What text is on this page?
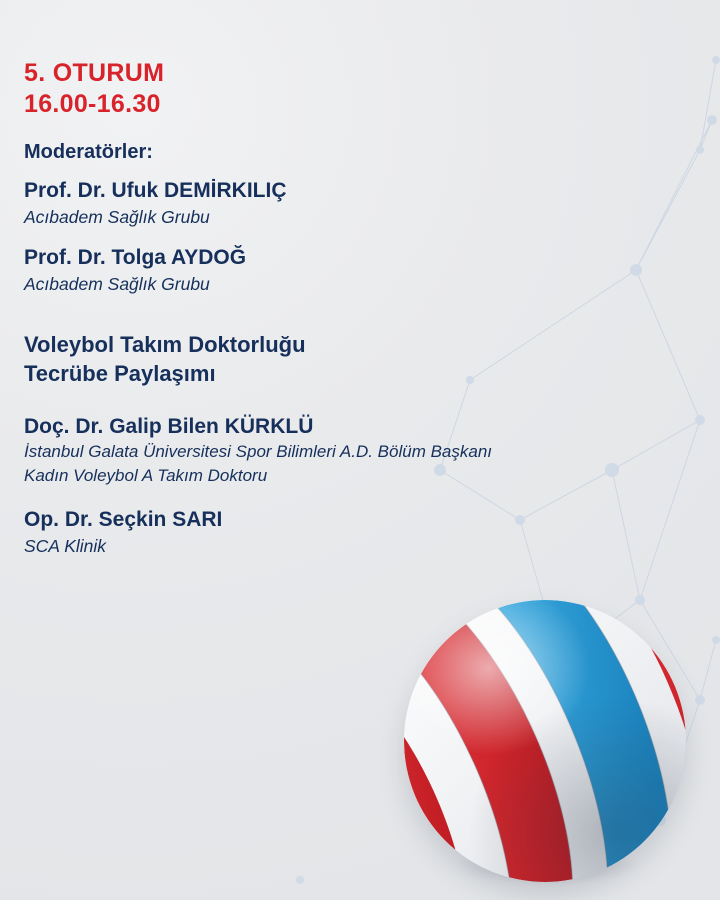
5. OTURUM
16.00-16.30
Moderatörler:
Prof. Dr. Ufuk DEMİRKILIÇ
Acıbadem Sağlık Grubu
Prof. Dr. Tolga AYDOĞ
Acıbadem Sağlık Grubu
Voleybol Takım Doktorluğu
Tecrübe Paylaşımı
Doç. Dr. Galip Bilen KÜRKLÜ
İstanbul Galata Üniversitesi Spor Bilimleri A.D. Bölüm Başkanı
Kadın Voleybol A Takım Doktoru
Op. Dr. Seçkin SARI
SCA Klinik
